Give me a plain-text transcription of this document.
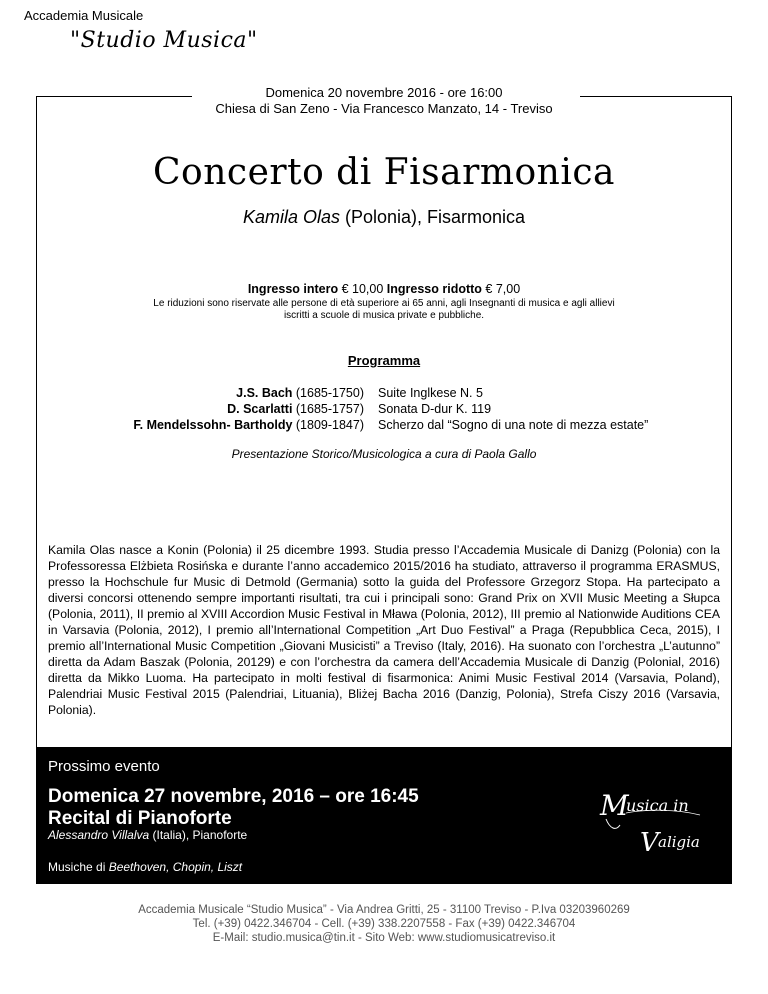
Accademia Musicale
"Studio Musica"
Domenica 20 novembre 2016 - ore 16:00
Chiesa di San Zeno - Via Francesco Manzato, 14 - Treviso
Concerto di Fisarmonica
Kamila Olas (Polonia), Fisarmonica
Ingresso intero € 10,00 Ingresso ridotto € 7,00
Le riduzioni sono riservate alle persone di età superiore ai 65 anni, agli Insegnanti di musica e agli allievi iscritti a scuole di musica private e pubbliche.
Programma
J.S. Bach (1685-1750)	Suite Inglkese N. 5
D. Scarlatti (1685-1757)	Sonata D-dur K. 119
F. Mendelssohn- Bartholdy (1809-1847)	Scherzo dal “Sogno di una note di mezza estate”
Presentazione Storico/Musicologica a cura di Paola Gallo
Kamila Olas nasce a Konin (Polonia) il 25 dicembre 1993. Studia presso l’Accademia Musicale di Danizg (Polonia) con la Professoressa Elżbieta Rosińska e durante l’anno accademico 2015/2016 ha studiato, attraverso il programma ERASMUS, presso la Hochschule fur Music di Detmold (Germania) sotto la guida del Professore Grzegorz Stopa. Ha partecipato a diversi concorsi ottenendo sempre importanti risultati, tra cui i principali sono: Grand Prix on XVII Music Meeting a Słupca (Polonia, 2011), II premio al XVIII Accordion Music Festival in Mława (Polonia, 2012), III premio al Nationwide Auditions CEA in Varsavia (Polonia, 2012), I premio all’International Competition „Art Duo Festival” a Praga (Repubblica Ceca, 2015), I premio all’International Music Competition „Giovani Musicisti” a Treviso (Italy, 2016). Ha suonato con l’orchestra „L’autunno” diretta da Adam Baszak (Polonia, 20129) e con l’orchestra da camera dell’Accademia Musicale di Danzig (Polonial, 2016) diretta da Mikko Luoma. Ha partecipato in molti festival di fisarmonica: Animi Music Festival 2014 (Varsavia, Poland), Palendriai Music Festival 2015 (Palendriai, Lituania), Bliżej Bacha 2016 (Danzig, Polonia), Strefa Ciszy 2016 (Varsavia, Polonia).
Prossimo evento
Domenica 27 novembre, 2016 – ore 16:45
Recital di Pianoforte
Alessandro Villalva (Italia), Pianoforte
Musiche di Beethoven, Chopin, Liszt
M
usica in
V aligia
Accademia Musicale “Studio Musica” - Via Andrea Gritti, 25 - 31100 Treviso - P.Iva 03203960269
Tel. (+39) 0422.346704 - Cell. (+39) 338.2207558 - Fax (+39) 0422.346704
E-Mail: studio.musica@tin.it - Sito Web: www.studiomusicatreviso.it
